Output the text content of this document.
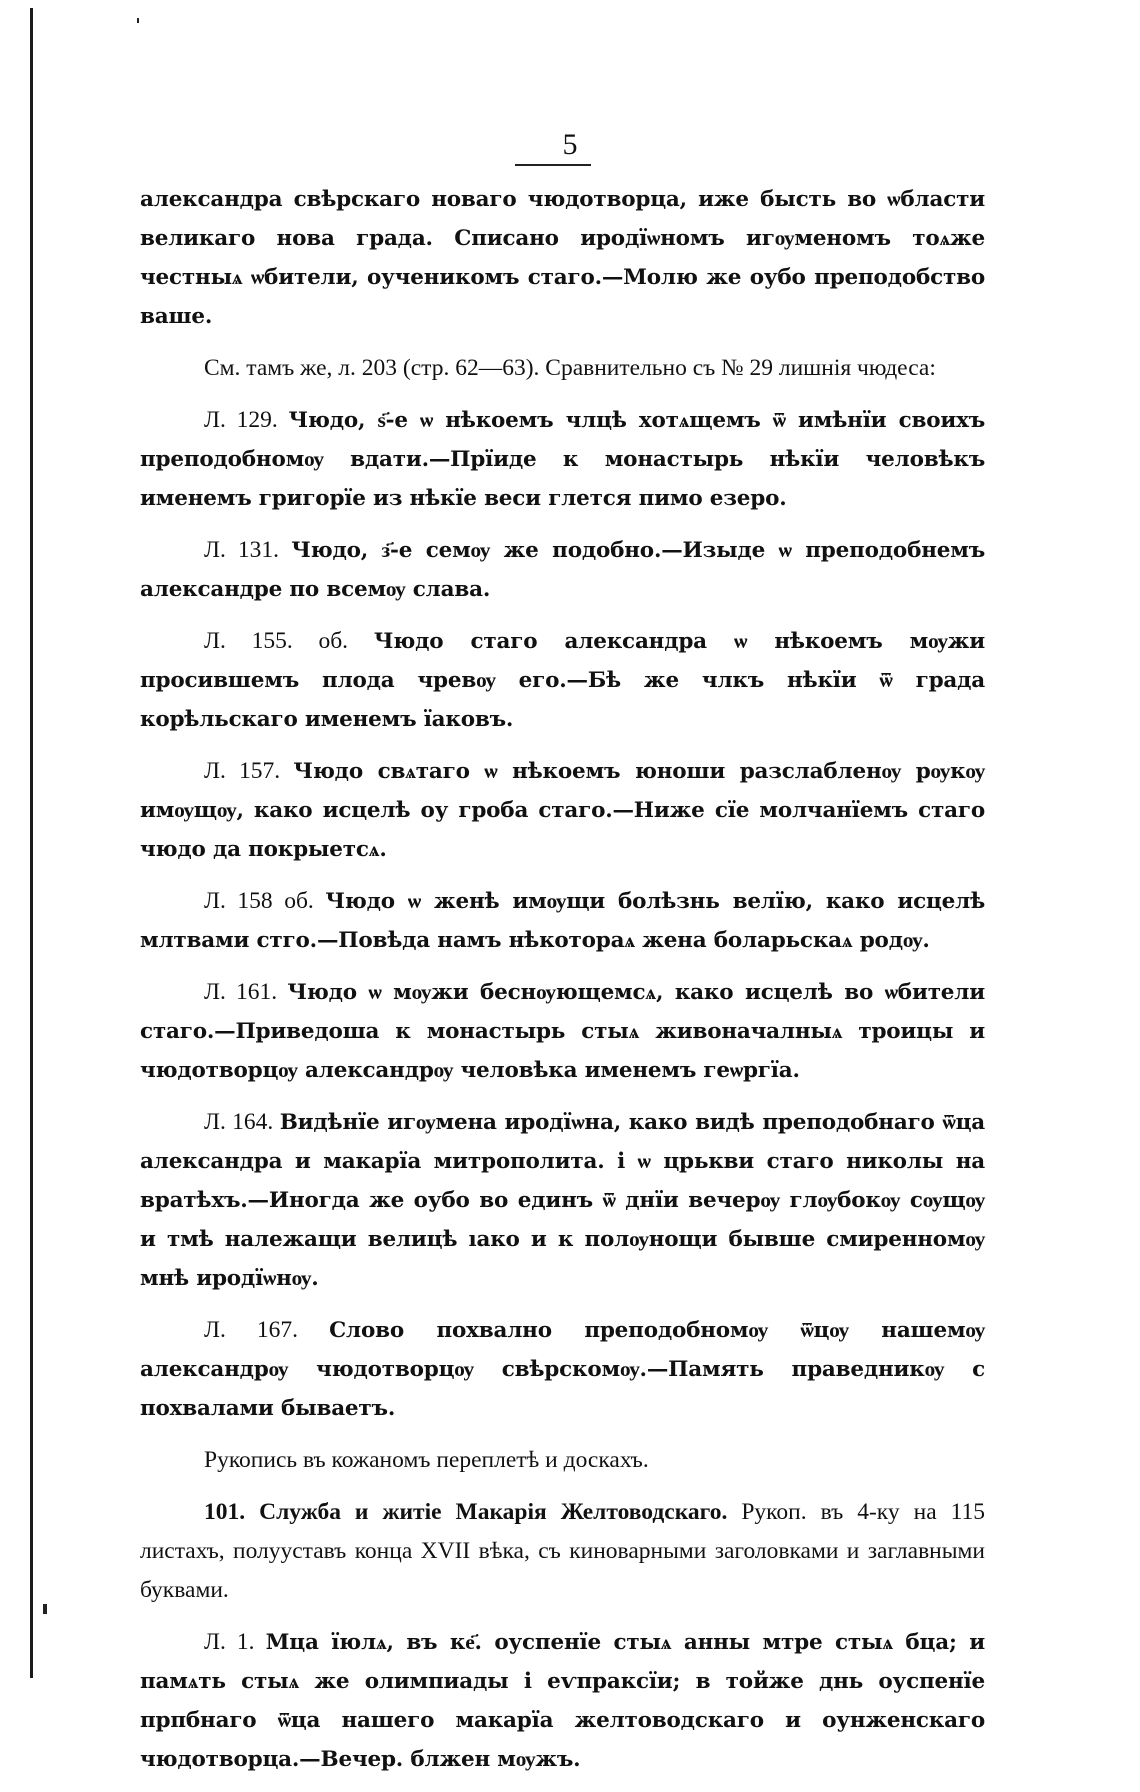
5

александра свѣрскаго новаго чюдотворца, иже бысть во ѡбласти великаго нова града. Списано иродїѡномъ игѹменомъ тоѧже честныѧ ѡбители, оученикомъ стаго.—Молю же оубо преподобство ваше.

См. тамъ же, л. 203 (стр. 62—63). Сравнительно съ № 29 лишнія чюдеса:

Л. 129. Чюдо, ѕ҃-е ѡ нѣкоемъ члцѣ хотѧщемъ ѿ имѣнїи своихъ преподобномѹ вдати.—Прїиде к монастырь нѣкїи человѣкъ именемъ григорїе из нѣкїе веси глется пимо езеро.

Л. 131. Чюдо, з҃-е семѹ же подобно.—Изыде ѡ преподобнемъ александре по всемѹ слава.

Л. 155. об. Чюдо стаго александра ѡ нѣкоемъ мѹжи просившемъ плода чревѹ его.—Бѣ же члкъ нѣкїи ѿ града корѣльскаго именемъ їаковъ.

Л. 157. Чюдо свѧтаго ѡ нѣкоемъ юноши разслабленѹ рѹкѹ имѹщѹ, како исцелѣ оу гроба стаго.—Ниже сїе молчанїемъ стаго чюдо да покрыетсѧ.

Л. 158 об. Чюдо ѡ женѣ имѹщи болѣзнь велїю, како исцелѣ млтвами стго.—Повѣда намъ нѣкотораѧ жена боларьскаѧ родѹ.

Л. 161. Чюдо ѡ мѹжи беснѹющемсѧ, како исцелѣ во ѡбители стаго.—Приведоша к монастырь стыѧ живоначалныѧ троицы и чюдотворцѹ александрѹ человѣка именемъ геѡргїа.

Л. 164. Видѣнїе игѹмена иродїѡна, како видѣ преподобнаго ѿца александра и макарїа митрополита. і ѡ црькви стаго николы на вратѣхъ.—Иногда же оубо во единъ ѿ днїи вечерѹ глѹбокѹ сѹщѹ и тмѣ належащи велицѣ ıако и к полѹнощи бывше смиренномѹ мнѣ иродїѡнѹ.

Л. 167. Слово похвално преподобномѹ ѿцѹ нашемѹ александрѹ чюдотворцѹ свѣрскомѹ.—Память праведникѹ с похвалами бываетъ.

Рукопись въ кожаномъ переплетѣ и доскахъ.

101. Служба и житіе Макарія Желтоводскаго. Рукоп. въ 4-ку на 115 листахъ, полууставъ конца XVII вѣка, съ киноварными заголовками и заглавными буквами.

Л. 1. Мца їюлѧ, въ ке҃. оуспенїе стыѧ анны мтре стыѧ бца; и памѧть стыѧ же олимпиады і еѵпраксїи; в тойже днь оуспенїе прпбнаго ѿца нашего макарїа желтоводскаго и оунженскаго чюдотворца.—Вечер. блжен мѹжъ.
